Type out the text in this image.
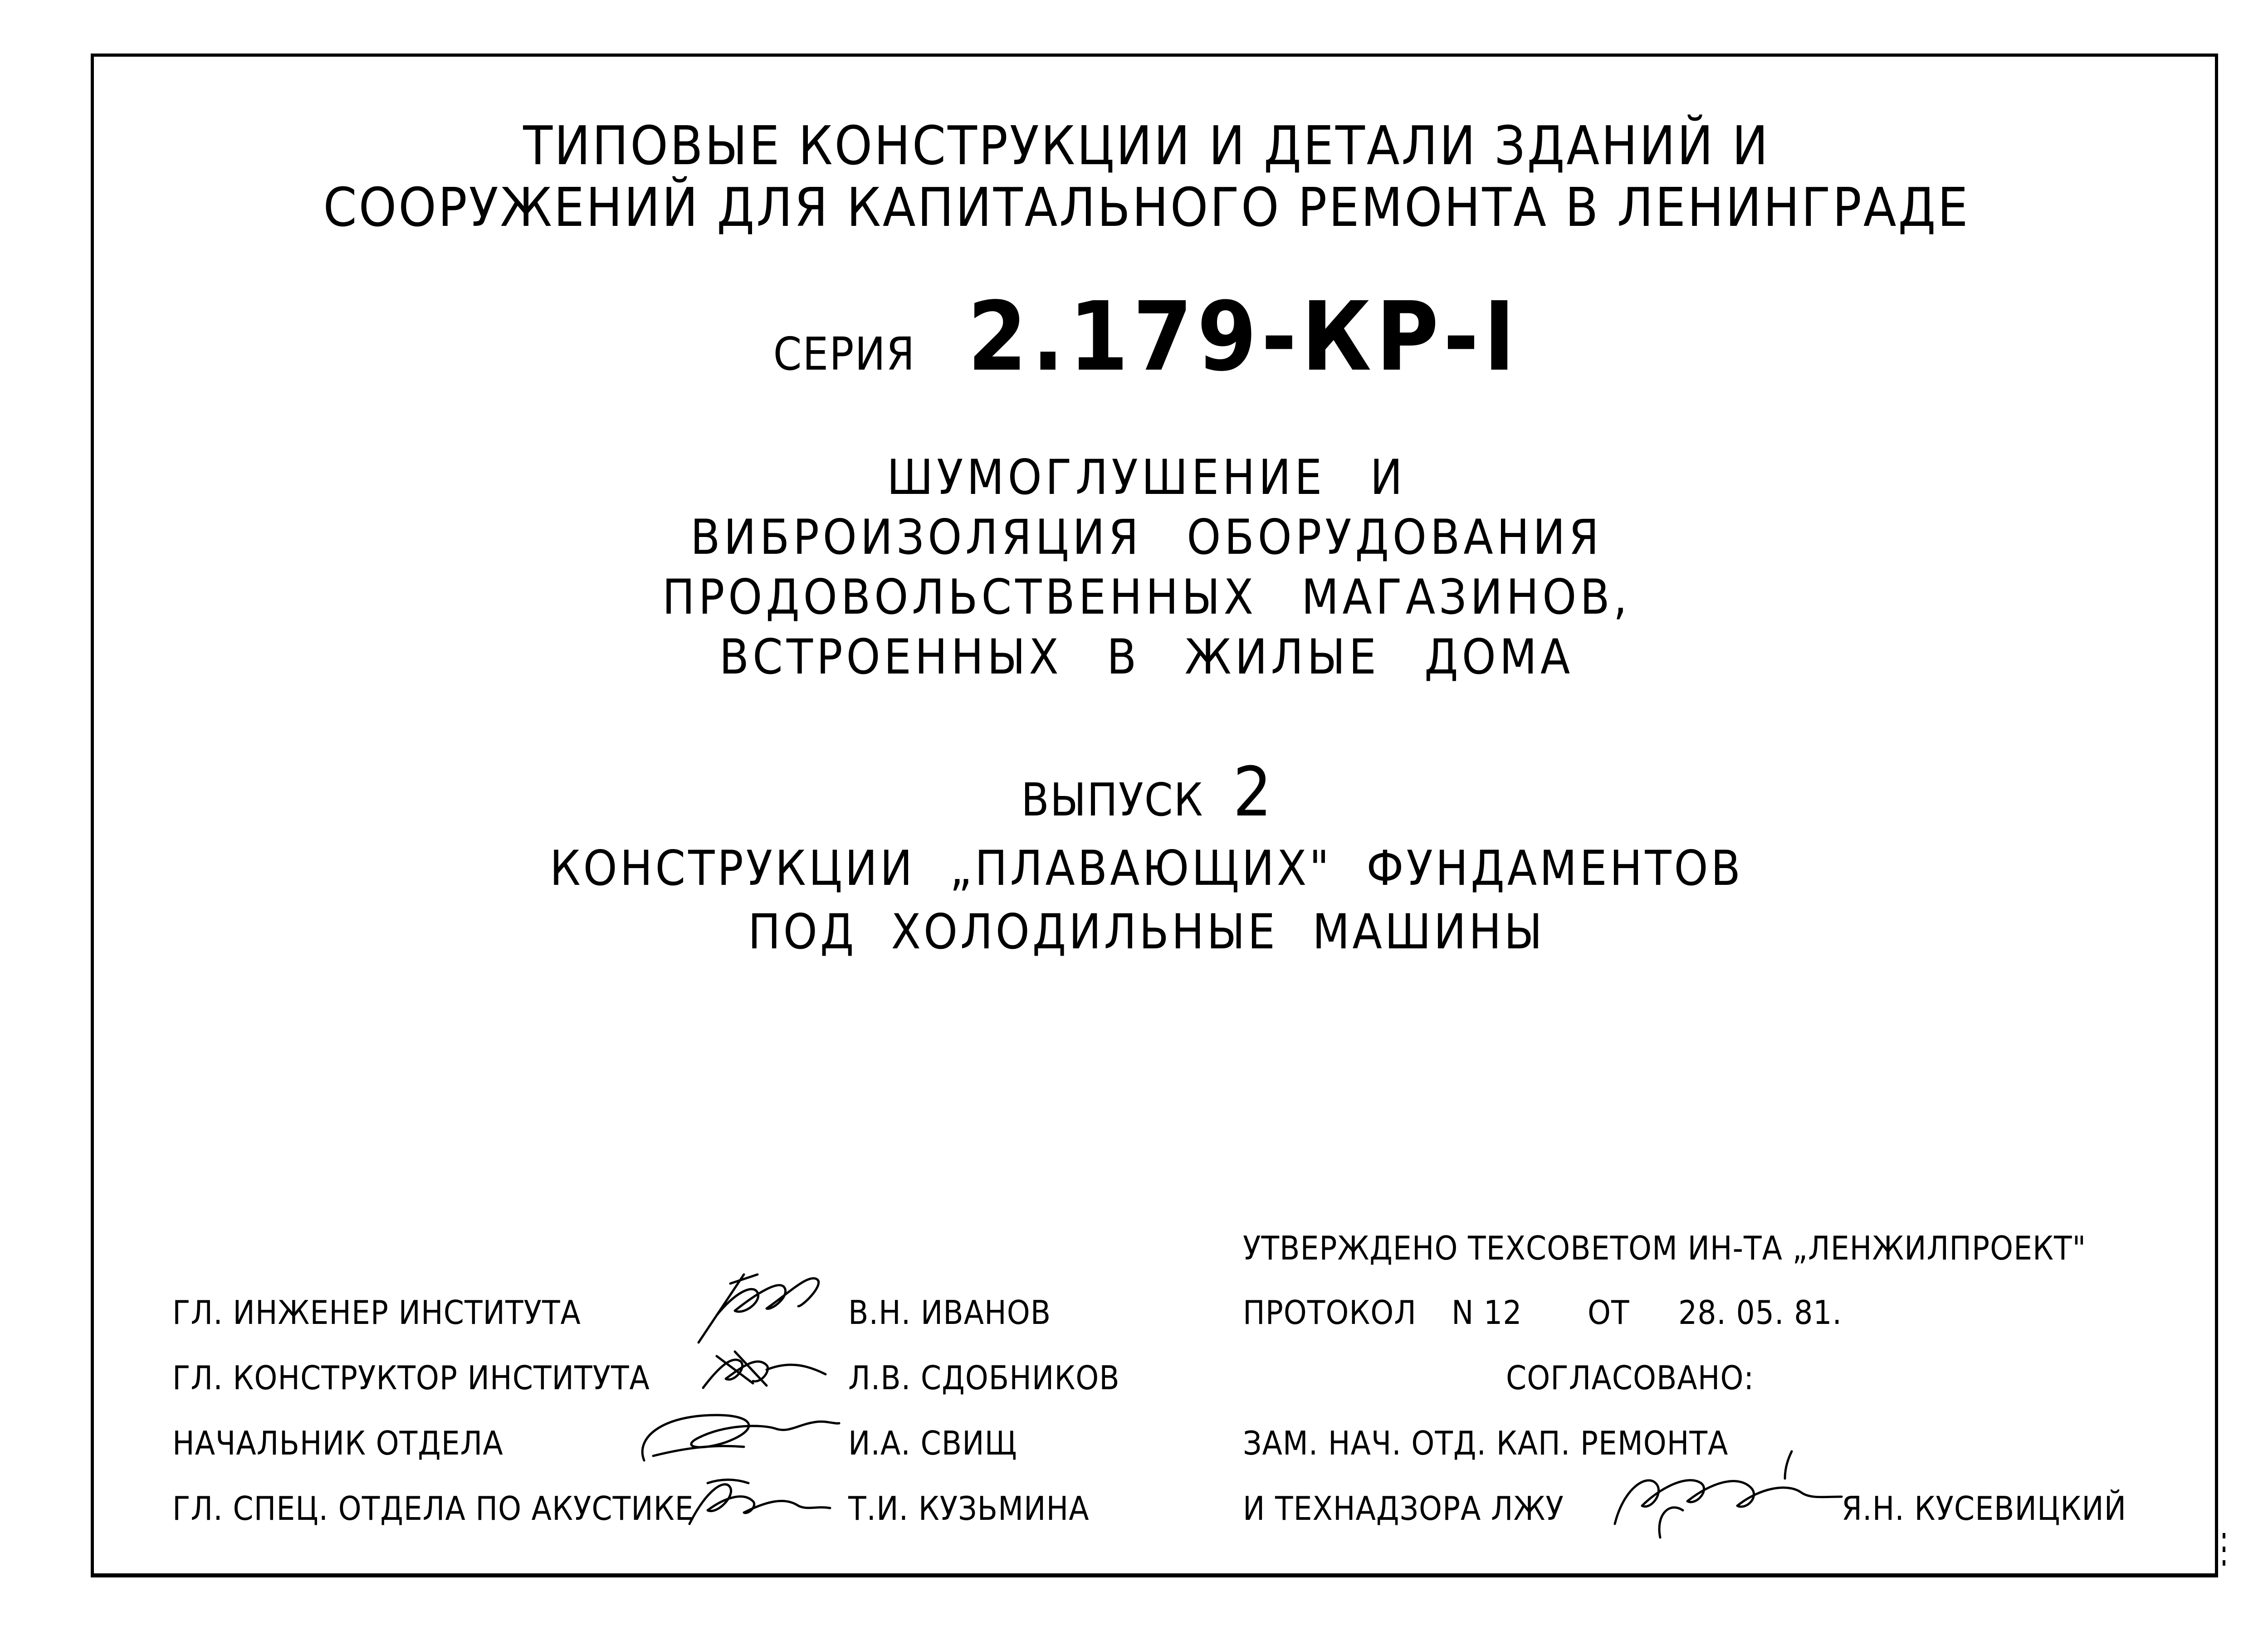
ТИПОВЫЕ КОНСТРУКЦИИ И ДЕТАЛИ ЗДАНИЙ И
СООРУЖЕНИЙ ДЛЯ КАПИТАЛЬНОГО РЕМОНТА В ЛЕНИНГРАДЕ
СЕРИЯ 2.179-КР-I
ШУМОГЛУШЕНИЕ И
ВИБРОИЗОЛЯЦИЯ ОБОРУДОВАНИЯ
ПРОДОВОЛЬСТВЕННЫХ МАГАЗИНОВ,
ВСТРОЕННЫХ В ЖИЛЫЕ ДОМА
ВЫПУСК 2
КОНСТРУКЦИИ „ПЛАВАЮЩИХ" ФУНДАМЕНТОВ
ПОД ХОЛОДИЛЬНЫЕ МАШИНЫ
ГЛ. ИНЖЕНЕР ИНСТИТУТА	В.Н. ИВАНОВ
ГЛ. КОНСТРУКТОР ИНСТИТУТА	Л.В. СДОБНИКОВ
НАЧАЛЬНИК ОТДЕЛА	И.А. СВИЩ
ГЛ. СПЕЦ. ОТДЕЛА ПО АКУСТИКЕ	Т.И. КУЗЬМИНА
УТВЕРЖДЕНО ТЕХСОВЕТОМ ИН-ТА „ЛЕНЖИЛПРОЕКТ"
ПРОТОКОЛ N 12 ОТ 28. 05. 81.
СОГЛАСОВАНО:
ЗАМ. НАЧ. ОТД. КАП. РЕМОНТА
И ТЕХНАДЗОРА ЛЖУ	Я.Н. КУСЕВИЦКИЙ
